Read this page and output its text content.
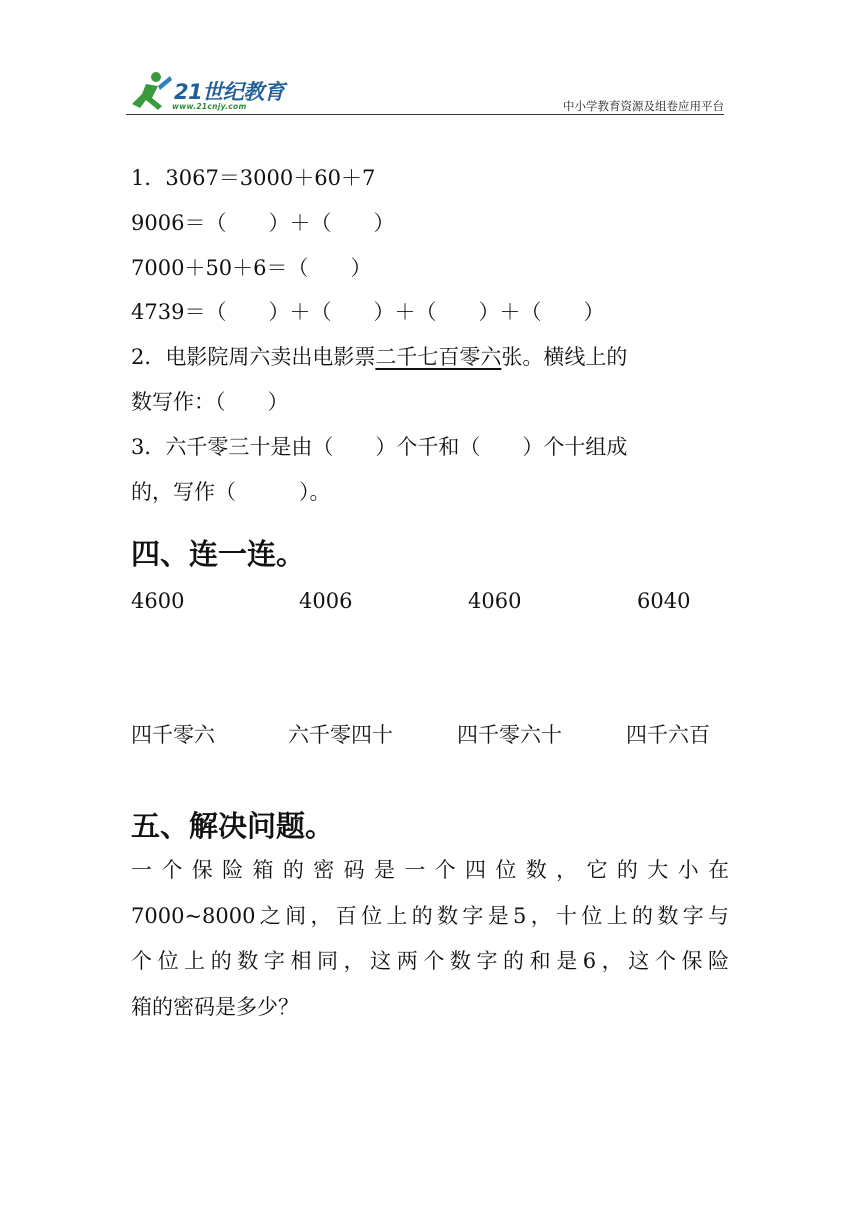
21世纪教育
www.21cnjy.com	中小学教育资源及组卷应用平台
1．3067＝3000＋60＋7
9006＝（　　）＋（　　）
7000＋50＋6＝（　　）
4739＝（　　）＋（　　）＋（　　）＋（　　）
2．电影院周六卖出电影票二千七百零六张。横线上的
数写作：（　　）
3．六千零三十是由（　　）个千和（　　）个十组成
的，写作（　　　）。
四、连一连。
4600	4006	4060	6040
四千零六	六千零四十	四千零六十	四千六百
五、解决问题。
一个保险箱的密码是一个四位数，它的大小在
7000~8000之间，百位上的数字是5，十位上的数字与
个位上的数字相同，这两个数字的和是6，这个保险
箱的密码是多少？
